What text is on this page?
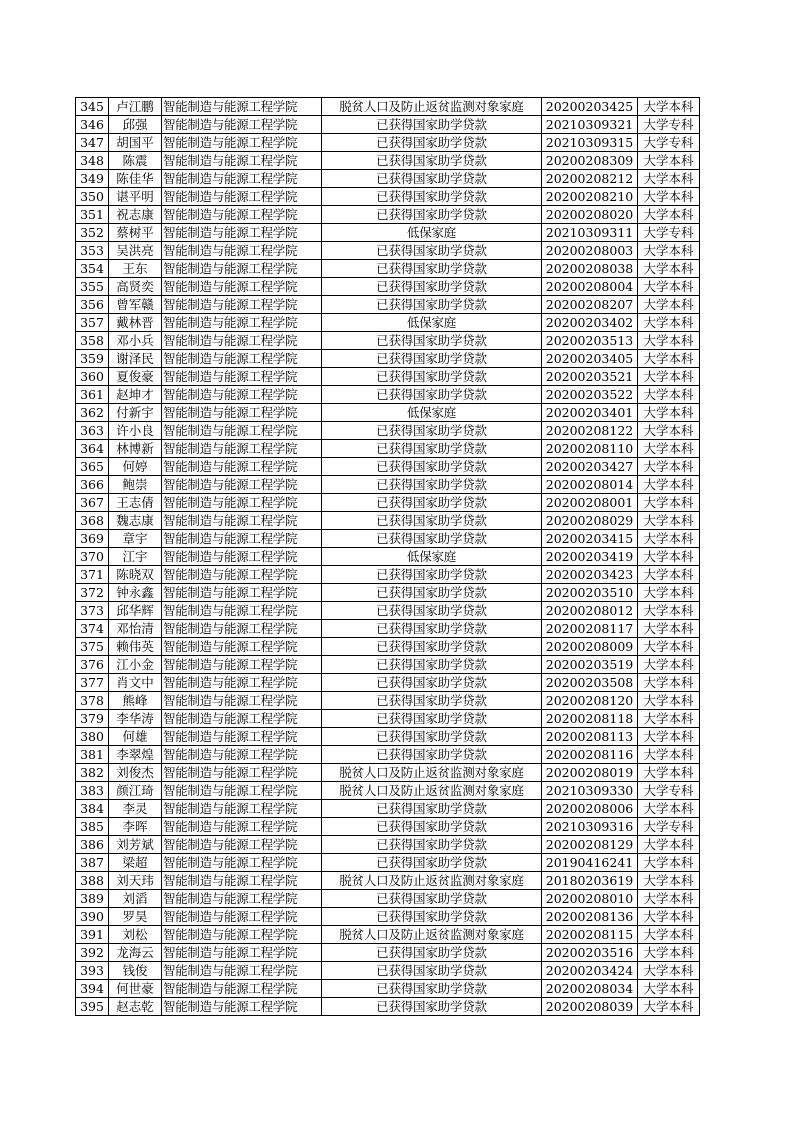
345	卢江鹏	智能制造与能源工程学院	脱贫人口及防止返贫监测对象家庭	20200203425	大学本科
346	邱强	智能制造与能源工程学院	已获得国家助学贷款	20210309321	大学专科
347	胡国平	智能制造与能源工程学院	已获得国家助学贷款	20210309315	大学专科
348	陈震	智能制造与能源工程学院	已获得国家助学贷款	20200208309	大学本科
349	陈佳华	智能制造与能源工程学院	已获得国家助学贷款	20200208212	大学本科
350	谌平明	智能制造与能源工程学院	已获得国家助学贷款	20200208210	大学本科
351	祝志康	智能制造与能源工程学院	已获得国家助学贷款	20200208020	大学本科
352	蔡树平	智能制造与能源工程学院	低保家庭	20210309311	大学专科
353	吴洪亮	智能制造与能源工程学院	已获得国家助学贷款	20200208003	大学本科
354	王东	智能制造与能源工程学院	已获得国家助学贷款	20200208038	大学本科
355	高贤奕	智能制造与能源工程学院	已获得国家助学贷款	20200208004	大学本科
356	曾军赣	智能制造与能源工程学院	已获得国家助学贷款	20200208207	大学本科
357	戴林晋	智能制造与能源工程学院	低保家庭	20200203402	大学本科
358	邓小兵	智能制造与能源工程学院	已获得国家助学贷款	20200203513	大学本科
359	谢泽民	智能制造与能源工程学院	已获得国家助学贷款	20200203405	大学本科
360	夏俊豪	智能制造与能源工程学院	已获得国家助学贷款	20200203521	大学本科
361	赵坤才	智能制造与能源工程学院	已获得国家助学贷款	20200203522	大学本科
362	付新宇	智能制造与能源工程学院	低保家庭	20200203401	大学本科
363	许小良	智能制造与能源工程学院	已获得国家助学贷款	20200208122	大学本科
364	林博新	智能制造与能源工程学院	已获得国家助学贷款	20200208110	大学本科
365	何婷	智能制造与能源工程学院	已获得国家助学贷款	20200203427	大学本科
366	鲍崇	智能制造与能源工程学院	已获得国家助学贷款	20200208014	大学本科
367	王志倩	智能制造与能源工程学院	已获得国家助学贷款	20200208001	大学本科
368	魏志康	智能制造与能源工程学院	已获得国家助学贷款	20200208029	大学本科
369	章宇	智能制造与能源工程学院	已获得国家助学贷款	20200203415	大学本科
370	江宇	智能制造与能源工程学院	低保家庭	20200203419	大学本科
371	陈晓双	智能制造与能源工程学院	已获得国家助学贷款	20200203423	大学本科
372	钟永鑫	智能制造与能源工程学院	已获得国家助学贷款	20200203510	大学本科
373	邱华辉	智能制造与能源工程学院	已获得国家助学贷款	20200208012	大学本科
374	邓怡清	智能制造与能源工程学院	已获得国家助学贷款	20200208117	大学本科
375	赖伟英	智能制造与能源工程学院	已获得国家助学贷款	20200208009	大学本科
376	江小金	智能制造与能源工程学院	已获得国家助学贷款	20200203519	大学本科
377	肖文中	智能制造与能源工程学院	已获得国家助学贷款	20200203508	大学本科
378	熊峰	智能制造与能源工程学院	已获得国家助学贷款	20200208120	大学本科
379	李华涛	智能制造与能源工程学院	已获得国家助学贷款	20200208118	大学本科
380	何雄	智能制造与能源工程学院	已获得国家助学贷款	20200208113	大学本科
381	李翠煌	智能制造与能源工程学院	已获得国家助学贷款	20200208116	大学本科
382	刘俊杰	智能制造与能源工程学院	脱贫人口及防止返贫监测对象家庭	20200208019	大学本科
383	颜江琦	智能制造与能源工程学院	脱贫人口及防止返贫监测对象家庭	20210309330	大学专科
384	李灵	智能制造与能源工程学院	已获得国家助学贷款	20200208006	大学本科
385	李晖	智能制造与能源工程学院	已获得国家助学贷款	20210309316	大学专科
386	刘芳斌	智能制造与能源工程学院	已获得国家助学贷款	20200208129	大学本科
387	梁超	智能制造与能源工程学院	已获得国家助学贷款	20190416241	大学本科
388	刘天玮	智能制造与能源工程学院	脱贫人口及防止返贫监测对象家庭	20180203619	大学本科
389	刘滔	智能制造与能源工程学院	已获得国家助学贷款	20200208010	大学本科
390	罗昊	智能制造与能源工程学院	已获得国家助学贷款	20200208136	大学本科
391	刘松	智能制造与能源工程学院	脱贫人口及防止返贫监测对象家庭	20200208115	大学本科
392	龙海云	智能制造与能源工程学院	已获得国家助学贷款	20200203516	大学本科
393	钱俊	智能制造与能源工程学院	已获得国家助学贷款	20200203424	大学本科
394	何世豪	智能制造与能源工程学院	已获得国家助学贷款	20200208034	大学本科
395	赵志乾	智能制造与能源工程学院	已获得国家助学贷款	20200208039	大学本科
